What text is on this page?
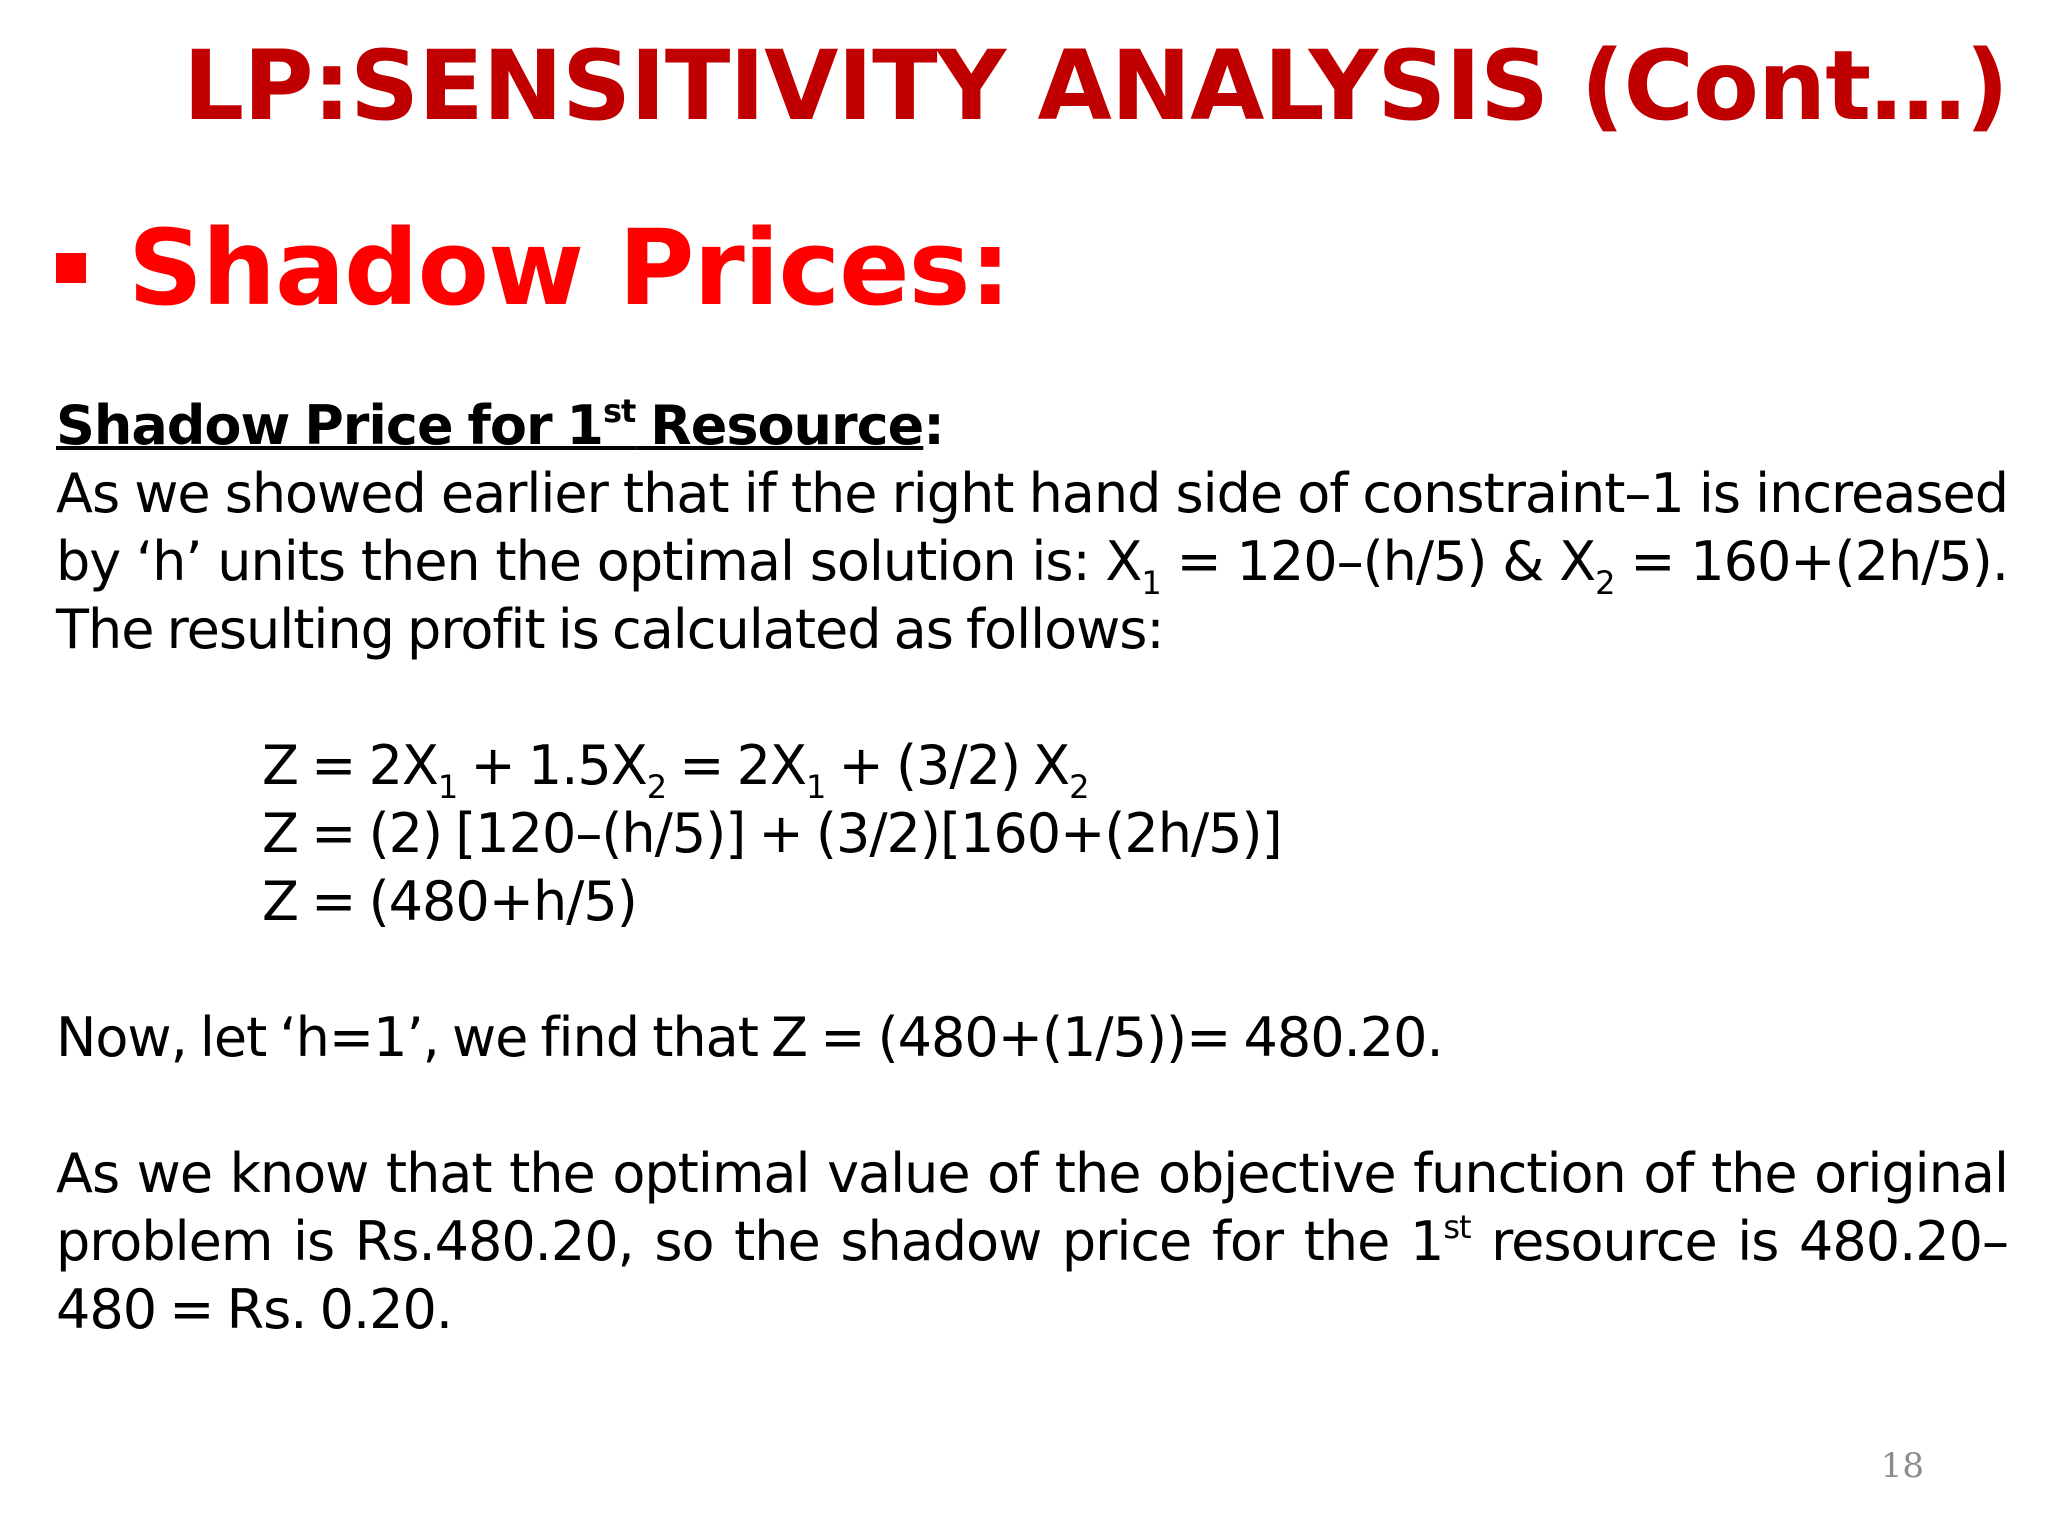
LP:SENSITIVITY ANALYSIS (Cont…)
Shadow Prices:

Shadow Price for 1st Resource:

As we showed earlier that if the right hand side of constraint–1 is increased by ‘h’ units then the optimal solution is: $X_1 = 120-(h/5)$ & $X_2 = 160+(2h/5)$. The resulting profit is calculated as follows:

$Z = 2X_1 + 1.5X_2 = 2X_1 + (3/2)$ $X_2$

Z = (2) [120–(h/5)] + (3/2)[160+(2h/5)]

Z = (480+h/5)

Now, let ‘h=1’, we find that Z = (480+(1/5))= 480.20.

As we know that the optimal value of the objective function of the original problem is Rs.480.20, so the shadow price for the 1st resource is 480.20–480 = Rs. 0.20.

18
